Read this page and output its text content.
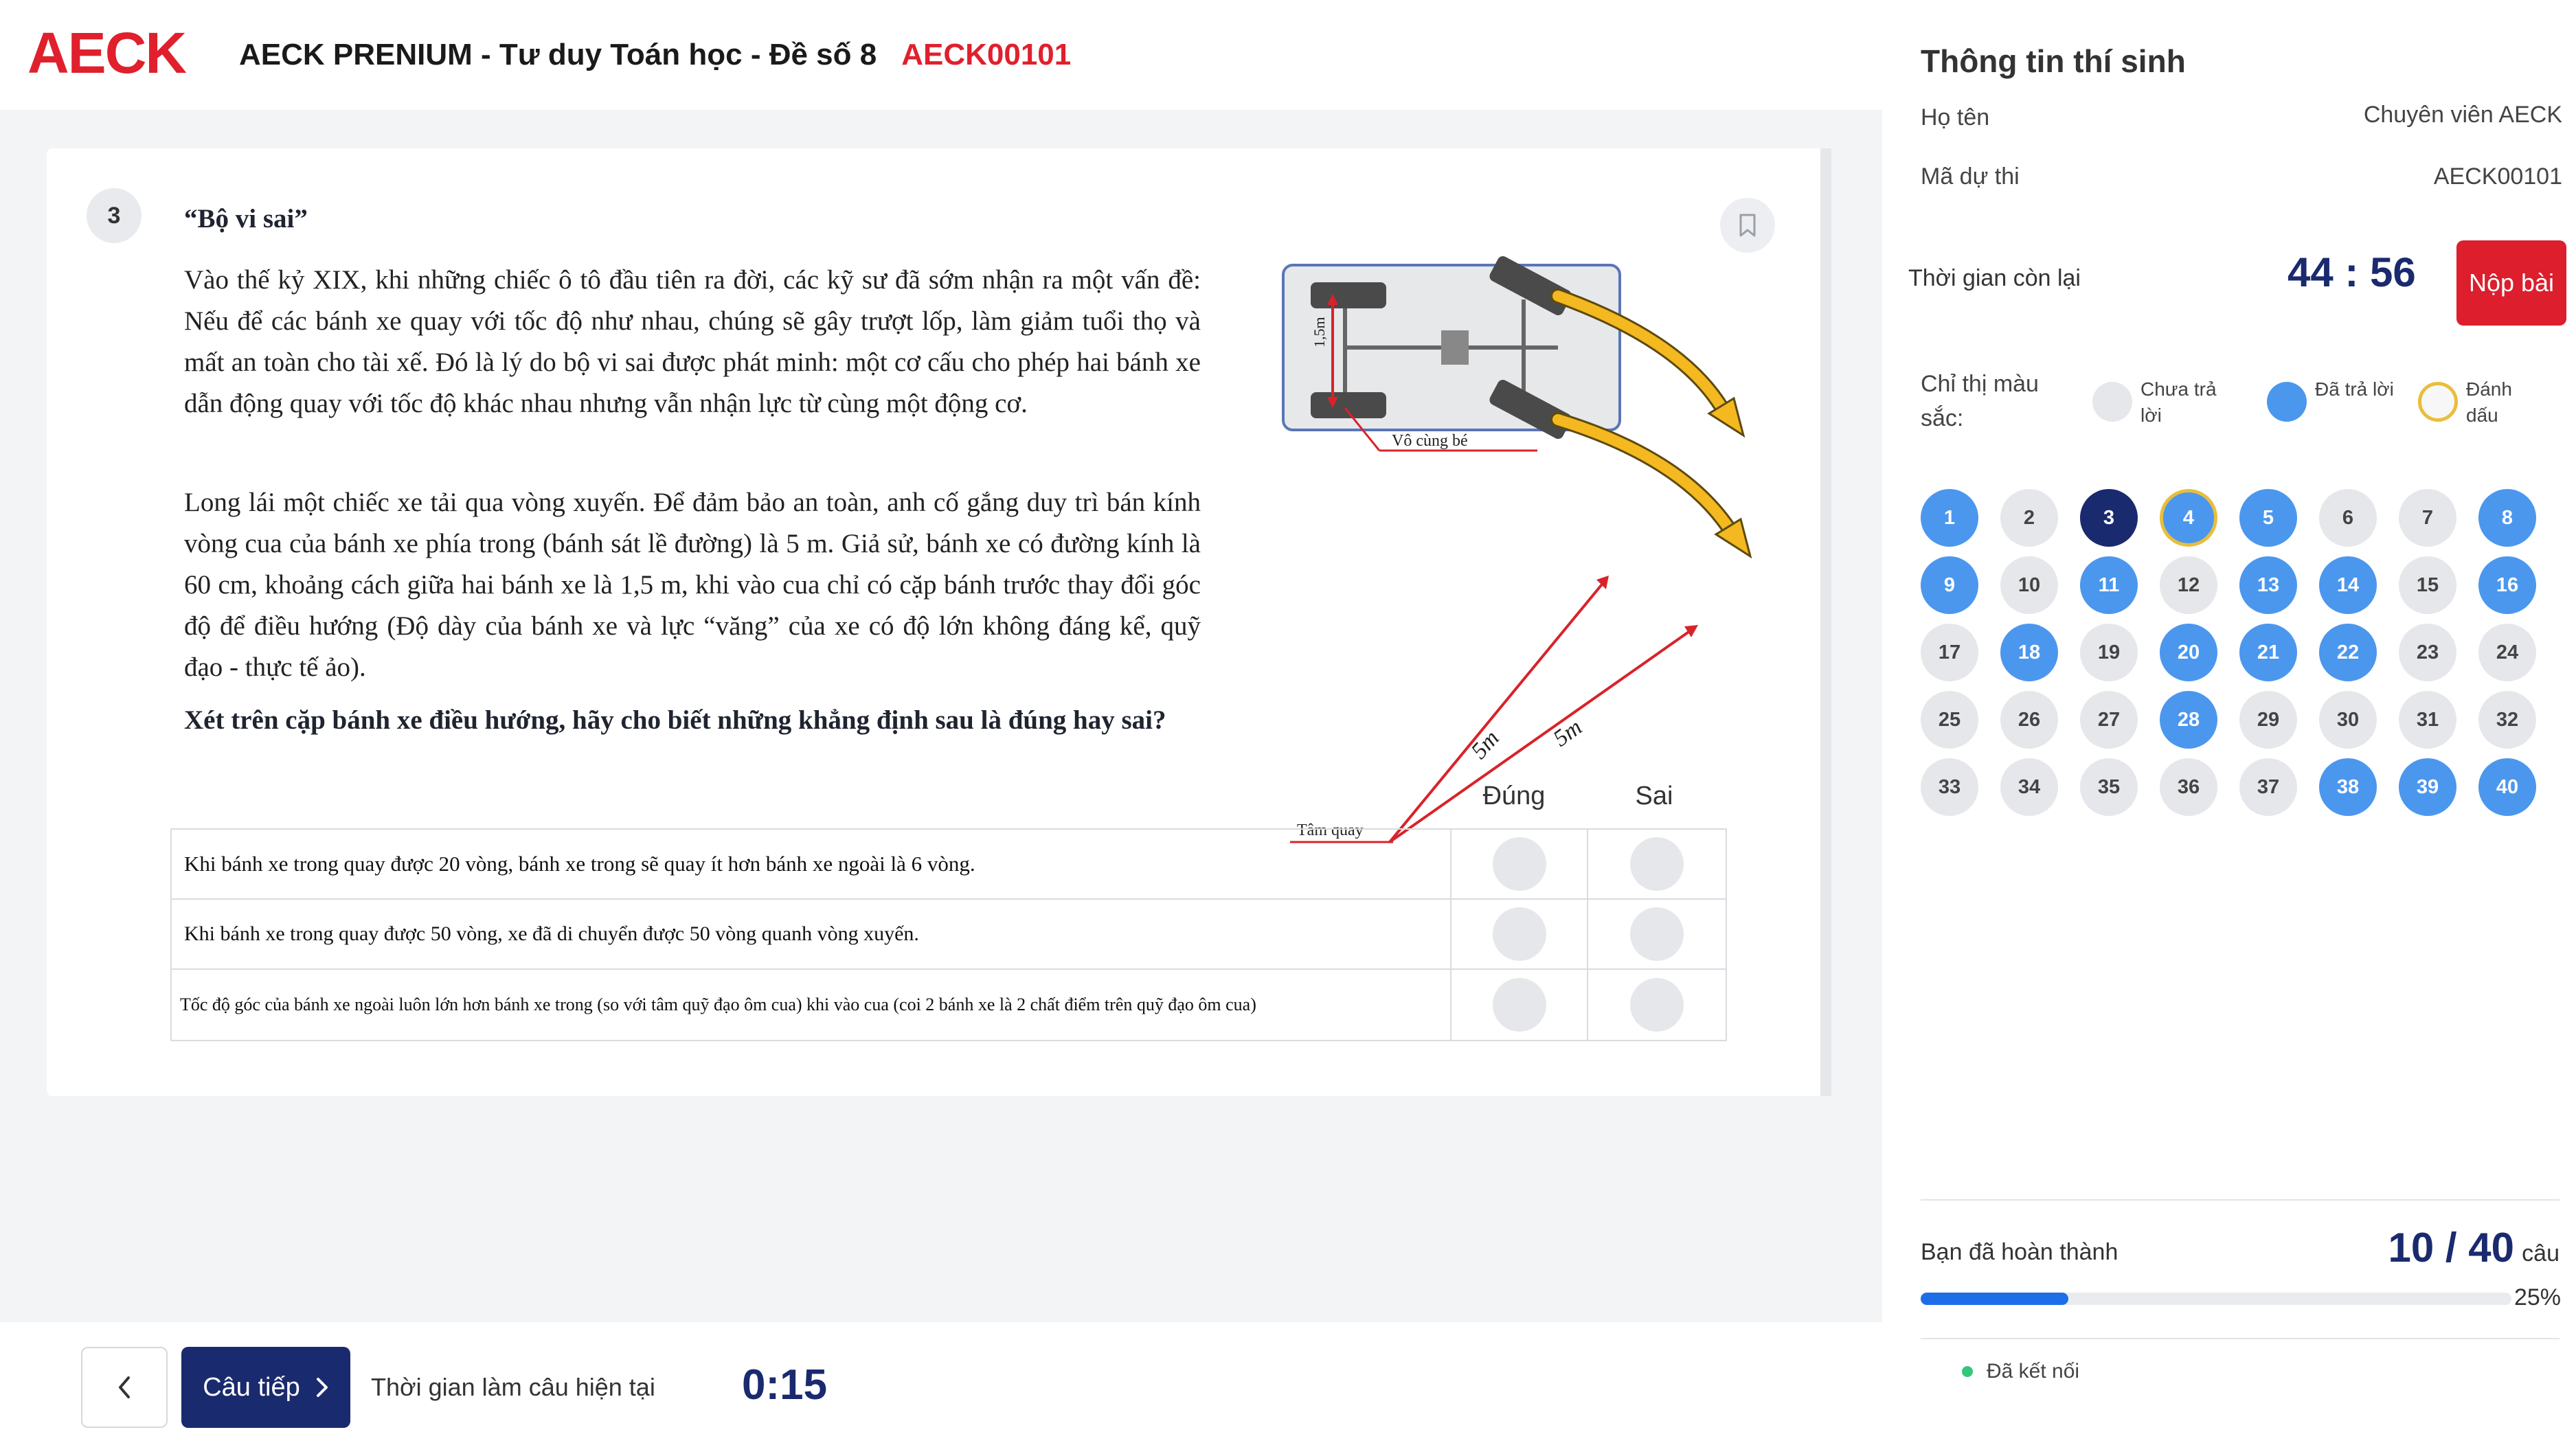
AECK AECK PRENIUM - Tư duy Toán học - Đề số 8 AECK00101
3	“Bộ vi sai”
Vào thế kỷ XIX, khi những chiếc ô tô đầu tiên ra đời, các kỹ sư đã sớm nhận ra một vấn đề: Nếu để các bánh xe quay với tốc độ như nhau, chúng sẽ gây trượt lốp, làm giảm tuổi thọ và mất an toàn cho tài xế. Đó là lý do bộ vi sai được phát minh: một cơ cấu cho phép hai bánh xe dẫn động quay với tốc độ khác nhau nhưng vẫn nhận lực từ cùng một động cơ.
Long lái một chiếc xe tải qua vòng xuyến. Để đảm bảo an toàn, anh cố gắng duy trì bán kính vòng cua của bánh xe phía trong (bánh sát lề đường) là 5 m. Giả sử, bánh xe có đường kính là 60 cm, khoảng cách giữa hai bánh xe là 1,5 m, khi vào cua chỉ có cặp bánh trước thay đổi góc độ để điều hướng (Độ dày của bánh xe và lực “văng” của xe có độ lớn không đáng kể, quỹ đạo - thực tế ảo).
Xét trên cặp bánh xe điều hướng, hãy cho biết những khẳng định sau là đúng hay sai?
1,5m
Vô cùng bé
5m 5m
Tâm quay
Đúng	Sai
Khi bánh xe trong quay được 20 vòng, bánh xe trong sẽ quay ít hơn bánh xe ngoài là 6 vòng.
Khi bánh xe trong quay được 50 vòng, xe đã di chuyển được 50 vòng quanh vòng xuyến.
Tốc độ góc của bánh xe ngoài luôn lớn hơn bánh xe trong (so với tâm quỹ đạo ôm cua) khi vào cua (coi 2 bánh xe là 2 chất điểm trên quỹ đạo ôm cua)
Câu tiếp	Thời gian làm câu hiện tại 0:15
Thông tin thí sinh
Họ tên	Chuyên viên AECK
Mã dự thi	AECK00101
Thời gian còn lại	44 : 56	Nộp bài
Chỉ thị màu sắc:
Chưa trả lời
Đã trả lời	Đánh dấu
1	2	3	4	5	6	7	8
9	10	11	12	13	14	15	16
17	18	19	20	21	22	23	24
25	26	27	28	29	30	31	32
33	34	35	36	37	38	39	40
Bạn đã hoàn thành	10 / 40 câu
25%
Đã kết nối
